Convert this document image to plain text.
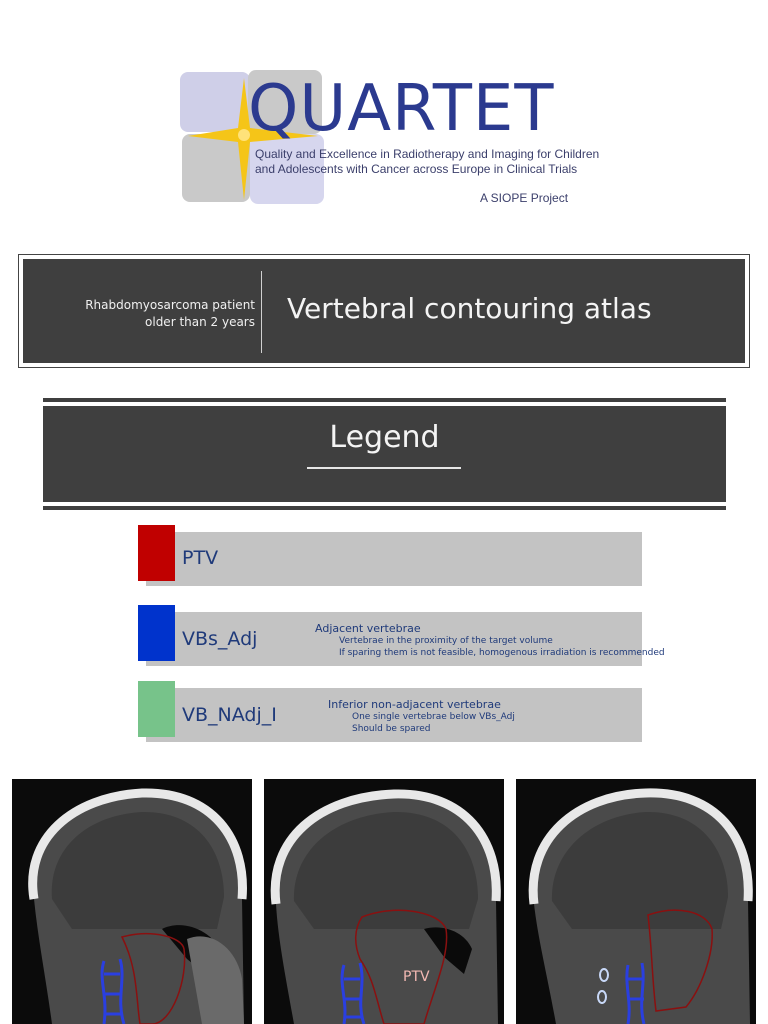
QUARTET
Quality and Excellence in Radiotherapy and Imaging for Children
and Adolescents with Cancer across Europe in Clinical Trials
A SIOPE Project
Rhabdomyosarcoma patient
older than 2 years Vertebral contouring atlas
Legend
PTV
VBs_Adj	Adjacent vertebrae
Vertebrae in the proximity of the target volume
If sparing them is not feasible, homogenous irradiation is recommended
VB_NAdj_I	Inferior non-adjacent vertebrae
One single vertebrae below VBs_Adj
Should be spared
PTV
